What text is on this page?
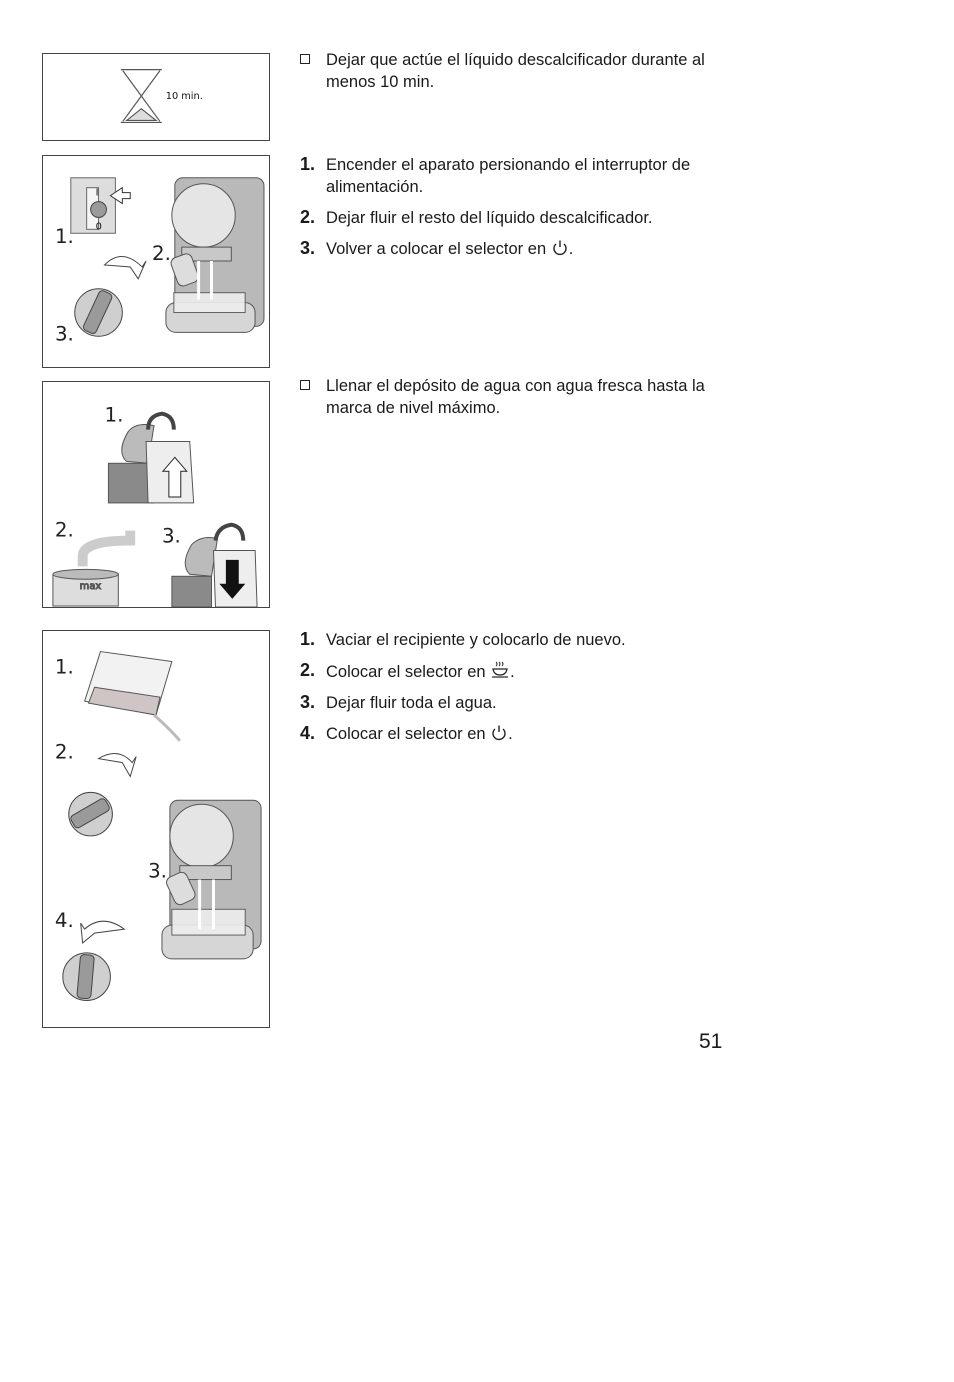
10 min.
I
0
1.
2.
3.
1.
2.	3.
max
1.
2.
3.
4.
Dejar que actúe el líquido descalcificador durante al menos 10 min.
1. Encender el aparato persionando el interruptor de alimentación.
2. Dejar fluir el resto del líquido descalcificador.
3. Volver a colocar el selector en .
Llenar el depósito de agua con agua fresca hasta la marca de nivel máximo.
1. Vaciar el recipiente y colocarlo de nuevo.
2. Colocar el selector en .
3. Dejar fluir toda el agua.
4. Colocar el selector en .
51
